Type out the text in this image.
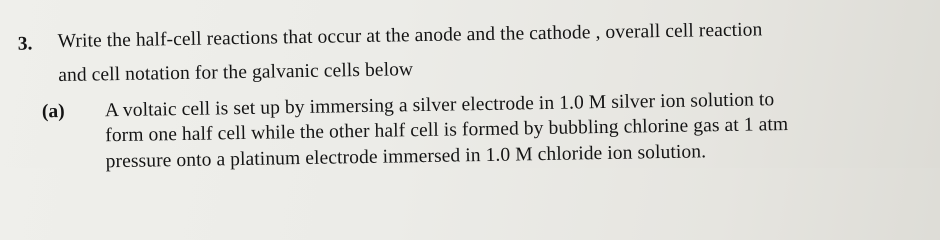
3. Write the half-cell reactions that occur at the anode and the cathode , overall cell reaction
and cell notation for the galvanic cells below
(a) A voltaic cell is set up by immersing a silver electrode in 1.0 M silver ion solution to
form one half cell while the other half cell is formed by bubbling chlorine gas at 1 atm
pressure onto a platinum electrode immersed in 1.0 M chloride ion solution.
